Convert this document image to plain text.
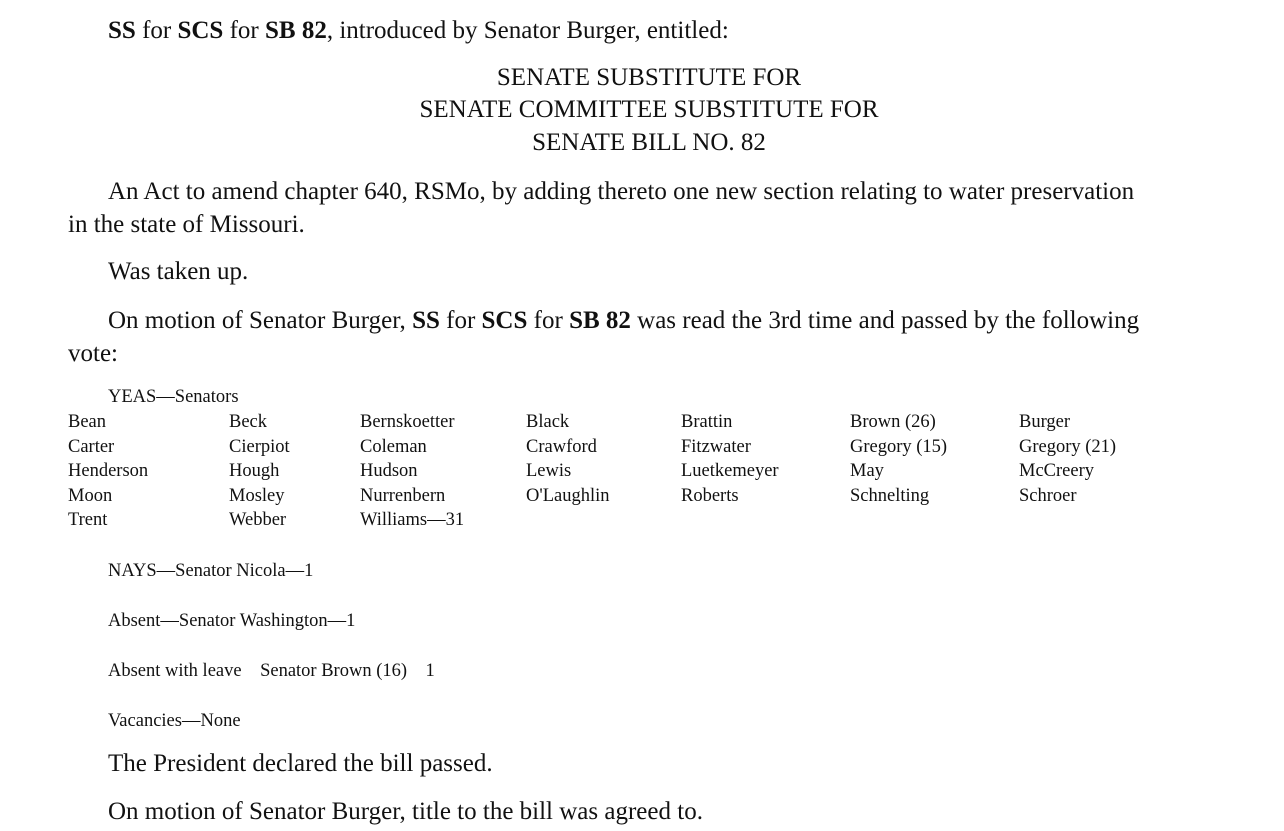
SS for SCS for SB 82, introduced by Senator Burger, entitled:
SENATE SUBSTITUTE FOR
SENATE COMMITTEE SUBSTITUTE FOR
SENATE BILL NO. 82
An Act to amend chapter 640, RSMo, by adding thereto one new section relating to water preservation
in the state of Missouri.
Was taken up.
On motion of Senator Burger, SS for SCS for SB 82 was read the 3rd time and passed by the following
vote:
YEAS—Senators
Bean	Beck	Bernskoetter	Black	Brattin	Brown (26)	Burger
Carter	Cierpiot	Coleman	Crawford	Fitzwater	Gregory (15)	Gregory (21)
Henderson	Hough	Hudson	Lewis	Luetkemeyer	May	McCreery
Moon	Mosley	Nurrenbern	O'Laughlin	Roberts	Schnelting	Schroer
Trent	Webber	Williams—31
NAYS—Senator Nicola—1
Absent—Senator Washington—1
Absent with leave    Senator Brown (16)    1
Vacancies—None
The President declared the bill passed.
On motion of Senator Burger, title to the bill was agreed to.
